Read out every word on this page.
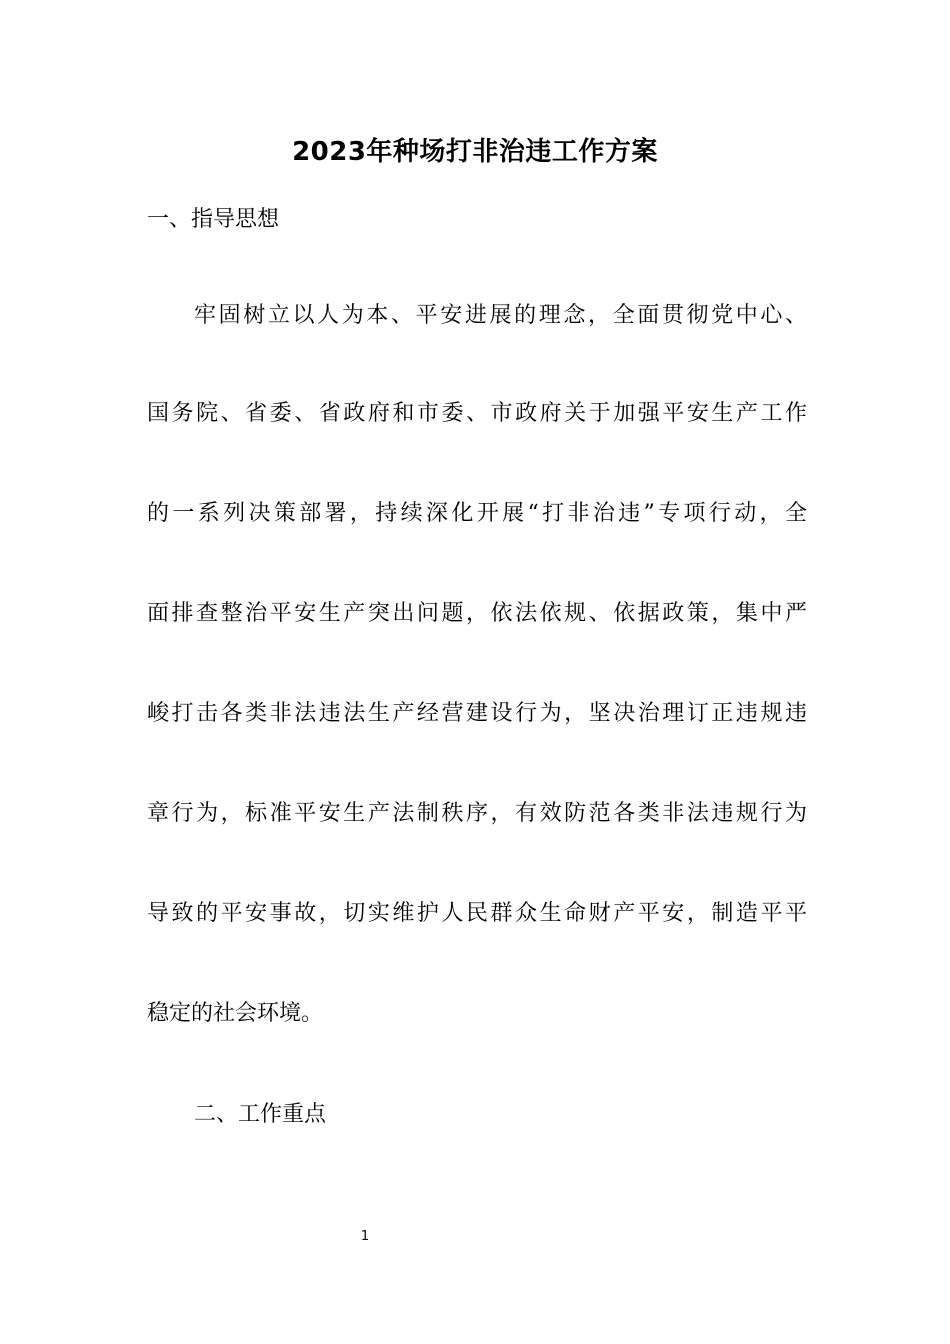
2023年种场打非治违工作方案
一、指导思想
牢固树立以人为本、平安进展的理念，全面贯彻党中心、
国务院、省委、省政府和市委、市政府关于加强平安生产工作
的一系列决策部署，持续深化开展“打非治违”专项行动，全
面排查整治平安生产突出问题，依法依规、依据政策，集中严
峻打击各类非法违法生产经营建设行为，坚决治理订正违规违
章行为，标准平安生产法制秩序，有效防范各类非法违规行为
导致的平安事故，切实维护人民群众生命财产平安，制造平平
稳定的社会环境。
二、工作重点
1
